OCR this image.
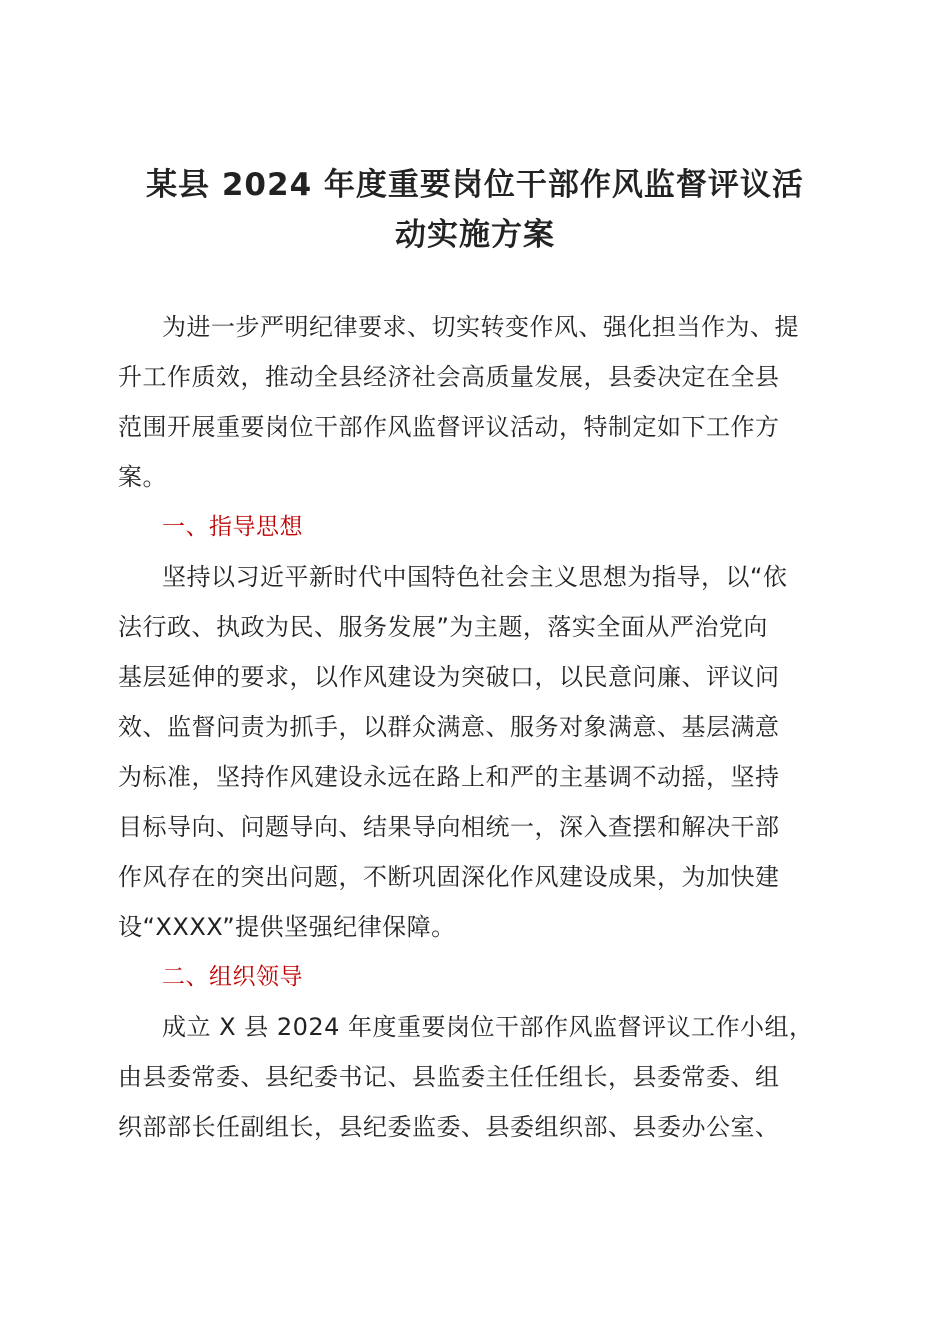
某县 2024 年度重要岗位干部作风监督评议活
动实施方案
为进一步严明纪律要求、切实转变作风、强化担当作为、提
升工作质效，推动全县经济社会高质量发展，县委决定在全县
范围开展重要岗位干部作风监督评议活动，特制定如下工作方
案。
一、指导思想
坚持以习近平新时代中国特色社会主义思想为指导，以“依
法行政、执政为民、服务发展”为主题，落实全面从严治党向
基层延伸的要求，以作风建设为突破口，以民意问廉、评议问
效、监督问责为抓手，以群众满意、服务对象满意、基层满意
为标准，坚持作风建设永远在路上和严的主基调不动摇，坚持
目标导向、问题导向、结果导向相统一，深入查摆和解决干部
作风存在的突出问题，不断巩固深化作风建设成果，为加快建
设“XXXX”提供坚强纪律保障。
二、组织领导
成立 X 县 2024 年度重要岗位干部作风监督评议工作小组，
由县委常委、县纪委书记、县监委主任任组长，县委常委、组
织部部长任副组长，县纪委监委、县委组织部、县委办公室、
